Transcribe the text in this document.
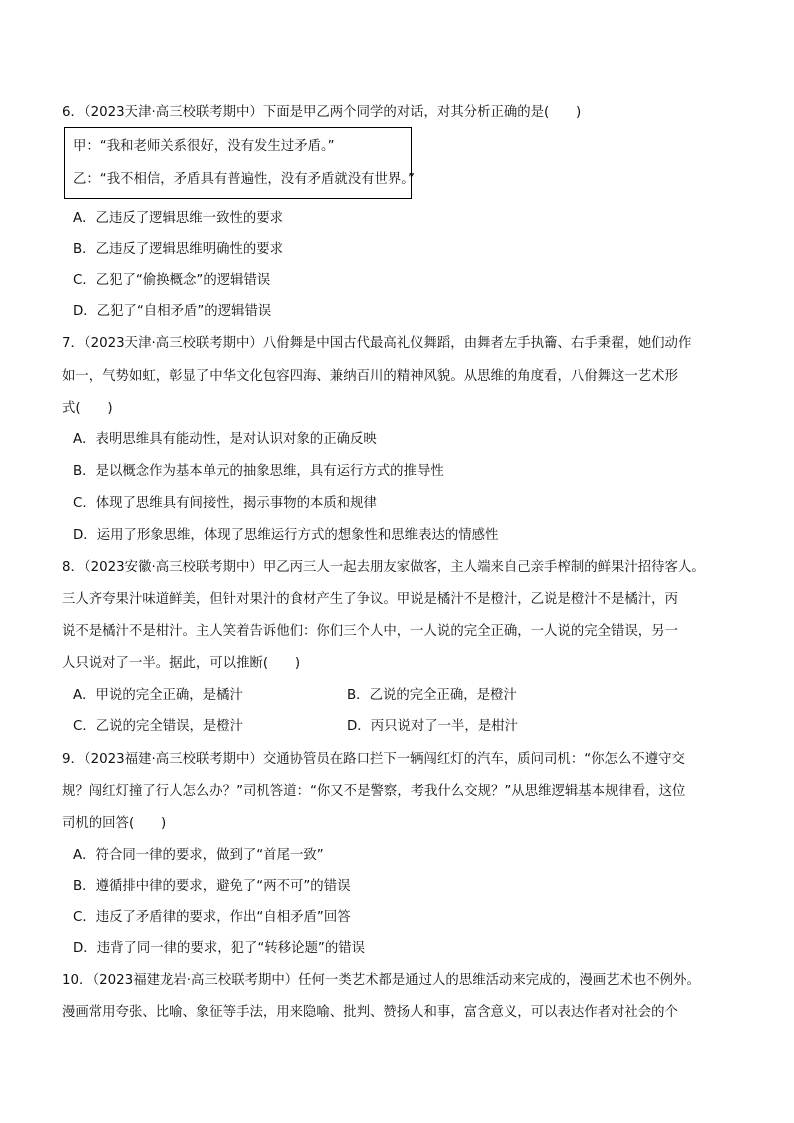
6．（2023天津·高三校联考期中）下面是甲乙两个同学的对话，对其分析正确的是(　　)
甲：“我和老师关系很好，没有发生过矛盾。”
乙：“我不相信，矛盾具有普遍性，没有矛盾就没有世界。”
A．乙违反了逻辑思维一致性的要求
B．乙违反了逻辑思维明确性的要求
C．乙犯了“偷换概念”的逻辑错误
D．乙犯了“自相矛盾”的逻辑错误
7．（2023天津·高三校联考期中）八佾舞是中国古代最高礼仪舞蹈，由舞者左手执籥、右手秉翟，她们动作
如一，气势如虹，彰显了中华文化包容四海、兼纳百川的精神风貌。从思维的角度看，八佾舞这一艺术形
式(　　)
A．表明思维具有能动性，是对认识对象的正确反映
B．是以概念作为基本单元的抽象思维，具有运行方式的推导性
C．体现了思维具有间接性，揭示事物的本质和规律
D．运用了形象思维，体现了思维运行方式的想象性和思维表达的情感性
8．（2023安徽·高三校联考期中）甲乙丙三人一起去朋友家做客，主人端来自己亲手榨制的鲜果汁招待客人。
三人齐夸果汁味道鲜美，但针对果汁的食材产生了争议。甲说是橘汁不是橙汁，乙说是橙汁不是橘汁，丙
说不是橘汁不是柑汁。主人笑着告诉他们：你们三个人中，一人说的完全正确，一人说的完全错误，另一
人只说对了一半。据此，可以推断(　　)
A．甲说的完全正确，是橘汁	B．乙说的完全正确，是橙汁
C．乙说的完全错误，是橙汁	D．丙只说对了一半，是柑汁
9．（2023福建·高三校联考期中）交通协管员在路口拦下一辆闯红灯的汽车，质问司机：“你怎么不遵守交
规？闯红灯撞了行人怎么办？”司机答道：“你又不是警察，考我什么交规？”从思维逻辑基本规律看，这位
司机的回答(　　)
A．符合同一律的要求，做到了“首尾一致”
B．遵循排中律的要求，避免了“两不可”的错误
C．违反了矛盾律的要求，作出“自相矛盾”回答
D．违背了同一律的要求，犯了“转移论题”的错误
10．（2023福建龙岩·高三校联考期中）任何一类艺术都是通过人的思维活动来完成的，漫画艺术也不例外。
漫画常用夸张、比喻、象征等手法，用来隐喻、批判、赞扬人和事，富含意义，可以表达作者对社会的个
